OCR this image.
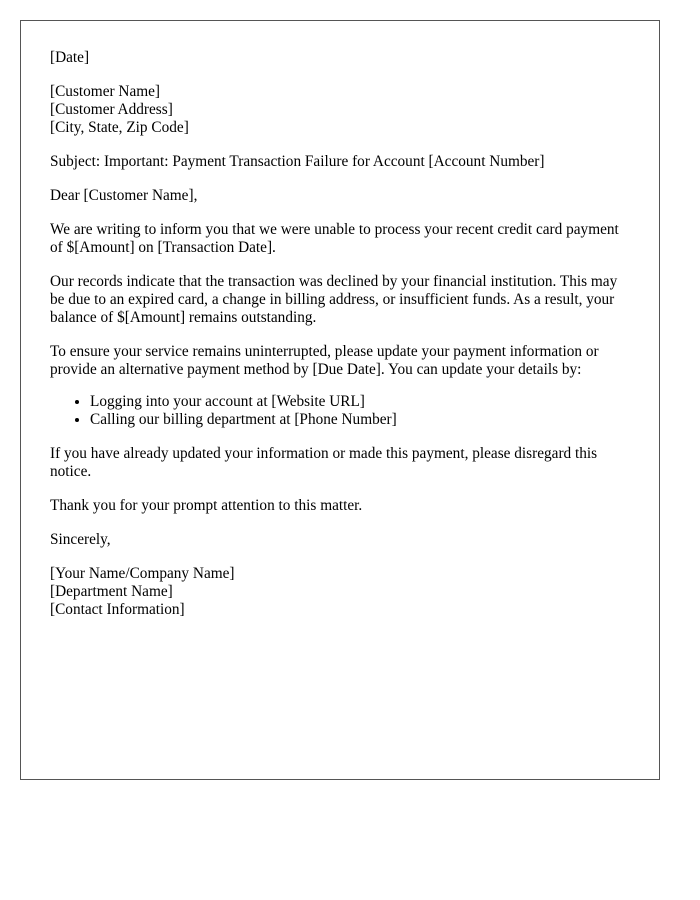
[Date]

[Customer Name]
[Customer Address]
[City, State, Zip Code]

Subject: Important: Payment Transaction Failure for Account [Account Number]

Dear [Customer Name],

We are writing to inform you that we were unable to process your recent credit card payment of $[Amount] on [Transaction Date].

Our records indicate that the transaction was declined by your financial institution. This may be due to an expired card, a change in billing address, or insufficient funds. As a result, your balance of $[Amount] remains outstanding.

To ensure your service remains uninterrupted, please update your payment information or provide an alternative payment method by [Due Date]. You can update your details by:

• Logging into your account at [Website URL]
• Calling our billing department at [Phone Number]

If you have already updated your information or made this payment, please disregard this notice.

Thank you for your prompt attention to this matter.

Sincerely,

[Your Name/Company Name]
[Department Name]
[Contact Information]
